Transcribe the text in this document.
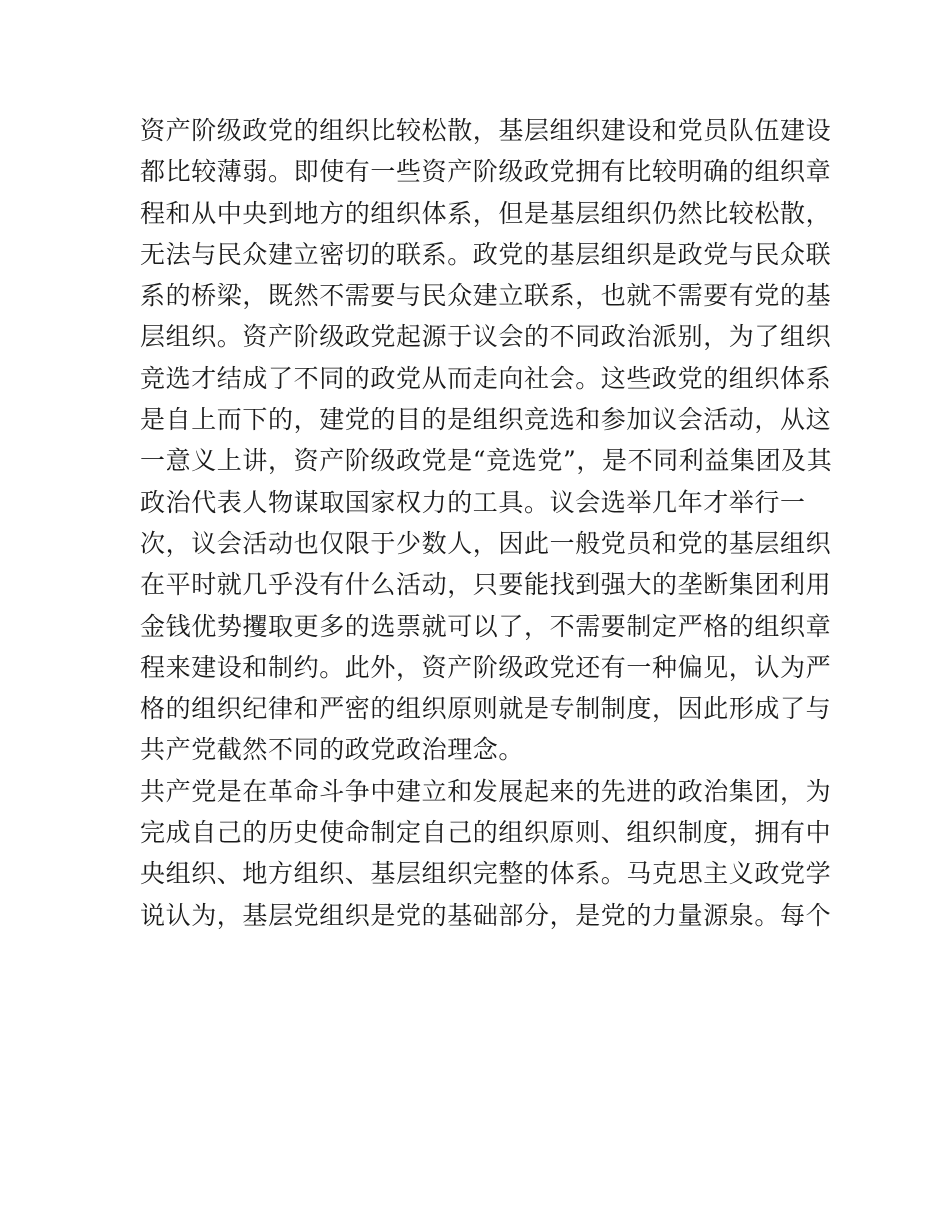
资产阶级政党的组织比较松散，基层组织建设和党员队伍建设
都比较薄弱。即使有一些资产阶级政党拥有比较明确的组织章
程和从中央到地方的组织体系，但是基层组织仍然比较松散，
无法与民众建立密切的联系。政党的基层组织是政党与民众联
系的桥梁，既然不需要与民众建立联系，也就不需要有党的基
层组织。资产阶级政党起源于议会的不同政治派别，为了组织
竞选才结成了不同的政党从而走向社会。这些政党的组织体系
是自上而下的，建党的目的是组织竞选和参加议会活动，从这
一意义上讲，资产阶级政党是“竞选党”，是不同利益集团及其
政治代表人物谋取国家权力的工具。议会选举几年才举行一
次，议会活动也仅限于少数人，因此一般党员和党的基层组织
在平时就几乎没有什么活动，只要能找到强大的垄断集团利用
金钱优势攫取更多的选票就可以了，不需要制定严格的组织章
程来建设和制约。此外，资产阶级政党还有一种偏见，认为严
格的组织纪律和严密的组织原则就是专制制度，因此形成了与
共产党截然不同的政党政治理念。
共产党是在革命斗争中建立和发展起来的先进的政治集团，为
完成自己的历史使命制定自己的组织原则、组织制度，拥有中
央组织、地方组织、基层组织完整的体系。马克思主义政党学
说认为，基层党组织是党的基础部分，是党的力量源泉。每个
